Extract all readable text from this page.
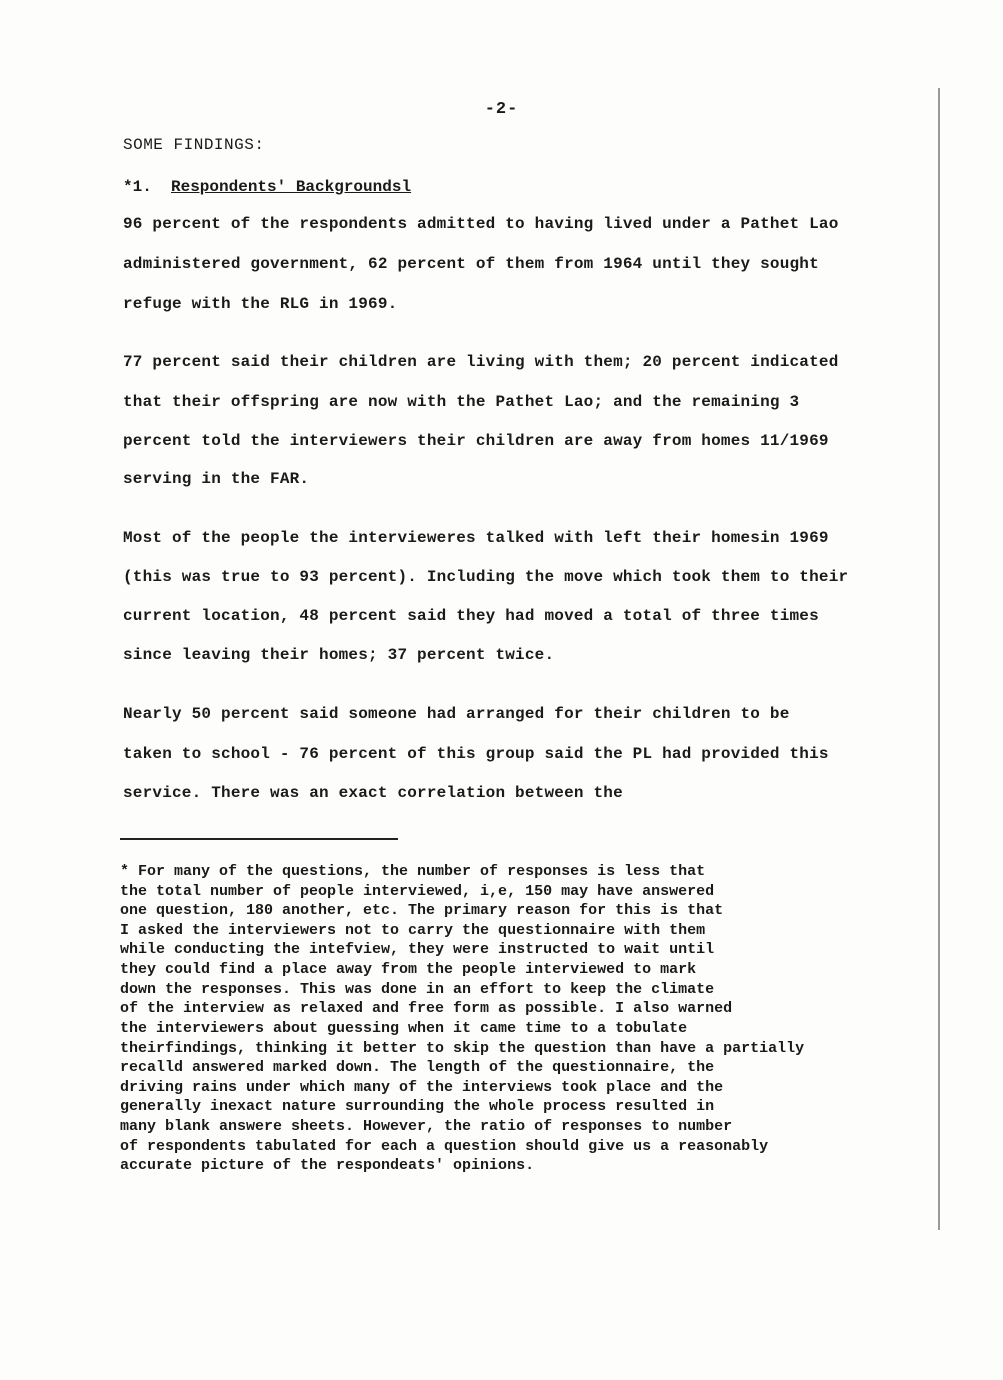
-2-
SOME FINDINGS:
*1. Respondents' Backgroundsl
96 percent of the respondents admitted to having lived under a Pathet Lao
administered government, 62 percent of them from 1964 until they sought
refuge with the RLG in 1969.
77 percent said their children are living with them; 20 percent indicated
that their offspring are now with the Pathet Lao; and the remaining 3
percent told the interviewers their children are away from homes 11/1969
serving in the FAR.
Most of the people the intervieweres talked with left their homesin 1969
(this was true to 93 percent). Including the move which took them to their
current location, 48 percent said they had moved a total of three times
since leaving their homes; 37 percent twice.
Nearly 50 percent said someone had arranged for their children to be
taken to school - 76 percent of this group said the PL had provided this
service. There was an exact correlation between the
* For many of the questions, the number of responses is less that
the total number of people interviewed, i,e, 150 may have answered
one question, 180 another, etc. The primary reason for this is that
I asked the interviewers not to carry the questionnaire with them
while conducting the intefview, they were instructed to wait until
they could find a place away from the people interviewed to mark
down the responses. This was done in an effort to keep the climate
of the interview as relaxed and free form as possible. I also warned
the interviewers about guessing when it came time to a tobulate
theirfindings, thinking it better to skip the question than have a partially
recalld answered marked down. The length of the questionnaire, the
driving rains under which many of the interviews took place and the
generally inexact nature surrounding the whole process resulted in
many blank answere sheets. However, the ratio of responses to number
of respondents tabulated for each a question should give us a reasonably
accurate picture of the respondeats' opinions.
